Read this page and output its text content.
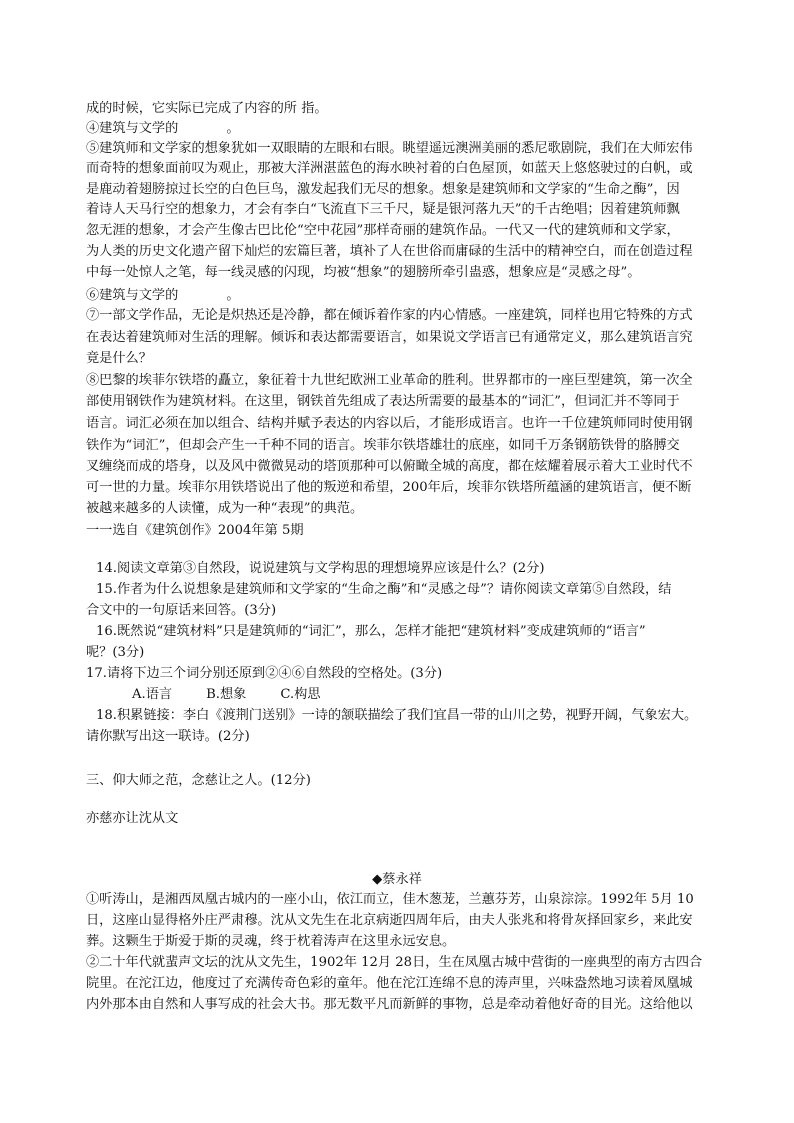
成的时候，它实际已完成了内容的所 指。
④建筑与文学的	。
⑤建筑师和文学家的想象犹如一双眼睛的左眼和右眼。眺望遥远澳洲美丽的悉尼歌剧院，我们在大师宏伟
而奇特的想象面前叹为观止，那被大洋洲湛蓝色的海水映衬着的白色屋顶，如蓝天上悠悠驶过的白帆，或
是鹿动着翅膀掠过长空的白色巨鸟，激发起我们无尽的想象。想象是建筑师和文学家的“生命之酶”，因
着诗人天马行空的想象力，才会有李白“飞流直下三千尺，疑是银河落九天”的千古绝唱；因着建筑师飘
忽无涯的想象，才会产生像古巴比伦“空中花园”那样奇丽的建筑作品。一代又一代的建筑师和文学家，
为人类的历史文化遗产留下灿烂的宏篇巨著，填补了人在世俗而庸碌的生活中的精神空白，而在创造过程
中每一处惊人之笔，每一线灵感的闪现，均被“想象”的翅膀所牵引蛊惑，想象应是“灵感之母”。
⑥建筑与文学的	。
⑦一部文学作品，无论是炽热还是冷静，都在倾诉着作家的内心情感。一座建筑，同样也用它特殊的方式
在表达着建筑师对生活的理解。倾诉和表达都需要语言，如果说文学语言已有通常定义，那么建筑语言究
竟是什么？
⑧巴黎的埃菲尔铁塔的矗立，象征着十九世纪欧洲工业革命的胜利。世界都市的一座巨型建筑，第一次全
部使用钢铁作为建筑材料。在这里，钢铁首先组成了表达所需要的最基本的“词汇”，但词汇并不等同于
语言。词汇必须在加以组合、结构并赋予表达的内容以后，才能形成语言。也许一千位建筑师同时使用钢
铁作为“词汇”，但却会产生一千种不同的语言。埃菲尔铁塔雄壮的底座，如同千万条钢筋铁骨的胳膊交
叉缠绕而成的塔身，以及风中微微晃动的塔顶那种可以俯瞰全城的高度，都在炫耀着展示着大工业时代不
可一世的力量。埃菲尔用铁塔说出了他的叛逆和希望，200年后，埃菲尔铁塔所蕴涵的建筑语言，便不断
被越来越多的人读懂，成为一种“表现”的典范。
一一选自《建筑创作》2004年第 5期
14.阅读文章第③自然段，说说建筑与文学构思的理想境界应该是什么？(2分)
15.作者为什么说想象是建筑师和文学家的“生命之酶”和“灵感之母”？请你阅读文章第⑤自然段，结
合文中的一句原话来回答。(3分)
16.既然说“建筑材料”只是建筑师的“词汇”，那么，怎样才能把“建筑材料”变成建筑师的“语言”
呢？(3分)
17.请将下边三个词分别还原到②④⑥自然段的空格处。(3分)
A.语言	B.想象	C.构思
18.积累链接：李白《渡荆门送别》一诗的颔联描绘了我们宜昌一带的山川之势，视野开阔，气象宏大。
请你默写出这一联诗。(2分)
三、仰大师之范，念慈让之人。(12分)
亦慈亦让沈从文
◆蔡永祥
①听涛山，是湘西凤凰古城内的一座小山，依江而立，佳木葱茏，兰蕙芬芳，山泉淙淙。1992年 5月 10
日，这座山显得格外庄严肃穆。沈从文先生在北京病逝四周年后，由夫人张兆和将骨灰择回家乡，来此安
葬。这颗生于斯爱于斯的灵魂，终于枕着涛声在这里永远安息。
②二十年代就蜚声文坛的沈从文先生，1902年 12月 28日，生在凤凰古城中营街的一座典型的南方古四合
院里。在沱江边，他度过了充满传奇色彩的童年。他在沱江连绵不息的涛声里，兴味盎然地习读着凤凰城
内外那本由自然和人事写成的社会大书。那无数平凡而新鲜的事物，总是牵动着他好奇的目光。这给他以
